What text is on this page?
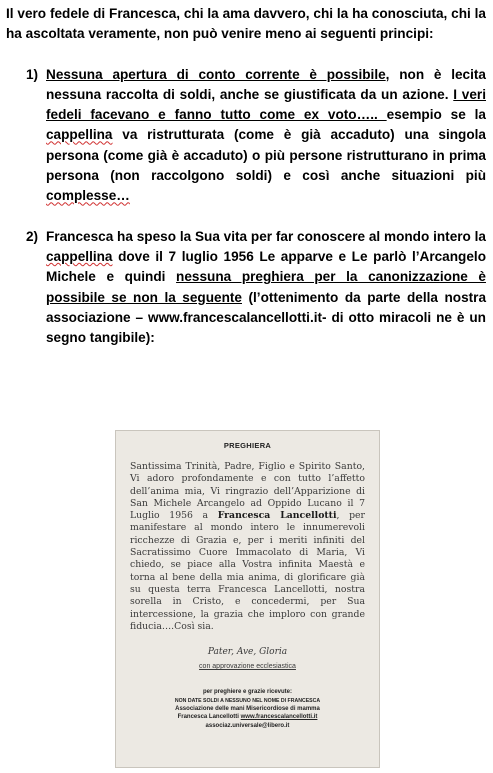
Il vero fedele di Francesca, chi la ama davvero, chi la ha conosciuta, chi la ha ascoltata veramente, non può venire meno ai seguenti principi:

1) Nessuna apertura di conto corrente è possibile, non è lecita nessuna raccolta di soldi, anche se giustificata da un azione. I veri fedeli facevano e fanno tutto come ex voto….. esempio se la cappellina va ristrutturata (come è già accaduto) una singola persona (come già è accaduto) o più persone ristrutturano in prima persona (non raccolgono soldi) e così anche situazioni più complesse…
2) Francesca ha speso la Sua vita per far conoscere al mondo intero la cappellina dove il 7 luglio 1956 Le apparve e Le parlò l’Arcangelo Michele e quindi nessuna preghiera per la canonizzazione è possibile se non la seguente (l’ottenimento da parte della nostra associazione – www.francescalancellotti.it- di otto miracoli ne è un segno tangibile):
PREGHIERA
Santissima Trinità, Padre, Figlio e Spirito Santo, Vi adoro profondamente e con tutto l’affetto dell’anima mia, Vi ringrazio dell’Apparizione di San Michele Arcangelo ad Oppido Lucano il 7 Luglio 1956 a Francesca Lancellotti, per manifestare al mondo intero le innumerevoli ricchezze di Grazia e, per i meriti infiniti del Sacratissimo Cuore Immacolato di Maria, Vi chiedo, se piace alla Vostra infinita Maestà e torna al bene della mia anima, di glorificare già su questa terra Francesca Lancellotti, nostra sorella in Cristo, e concedermi, per Sua intercessione, la grazia che imploro con grande fiducia….Così sia.
Pater, Ave, Gloria
con approvazione ecclesiastica
per preghiere e grazie ricevute:
NON DATE SOLDI A NESSUNO NEL NOME DI FRANCESCA
Associazione delle mani Misericordiose di mamma
Francesca Lancellotti www.francescalancellotti.it
associaz.universale@libero.it
